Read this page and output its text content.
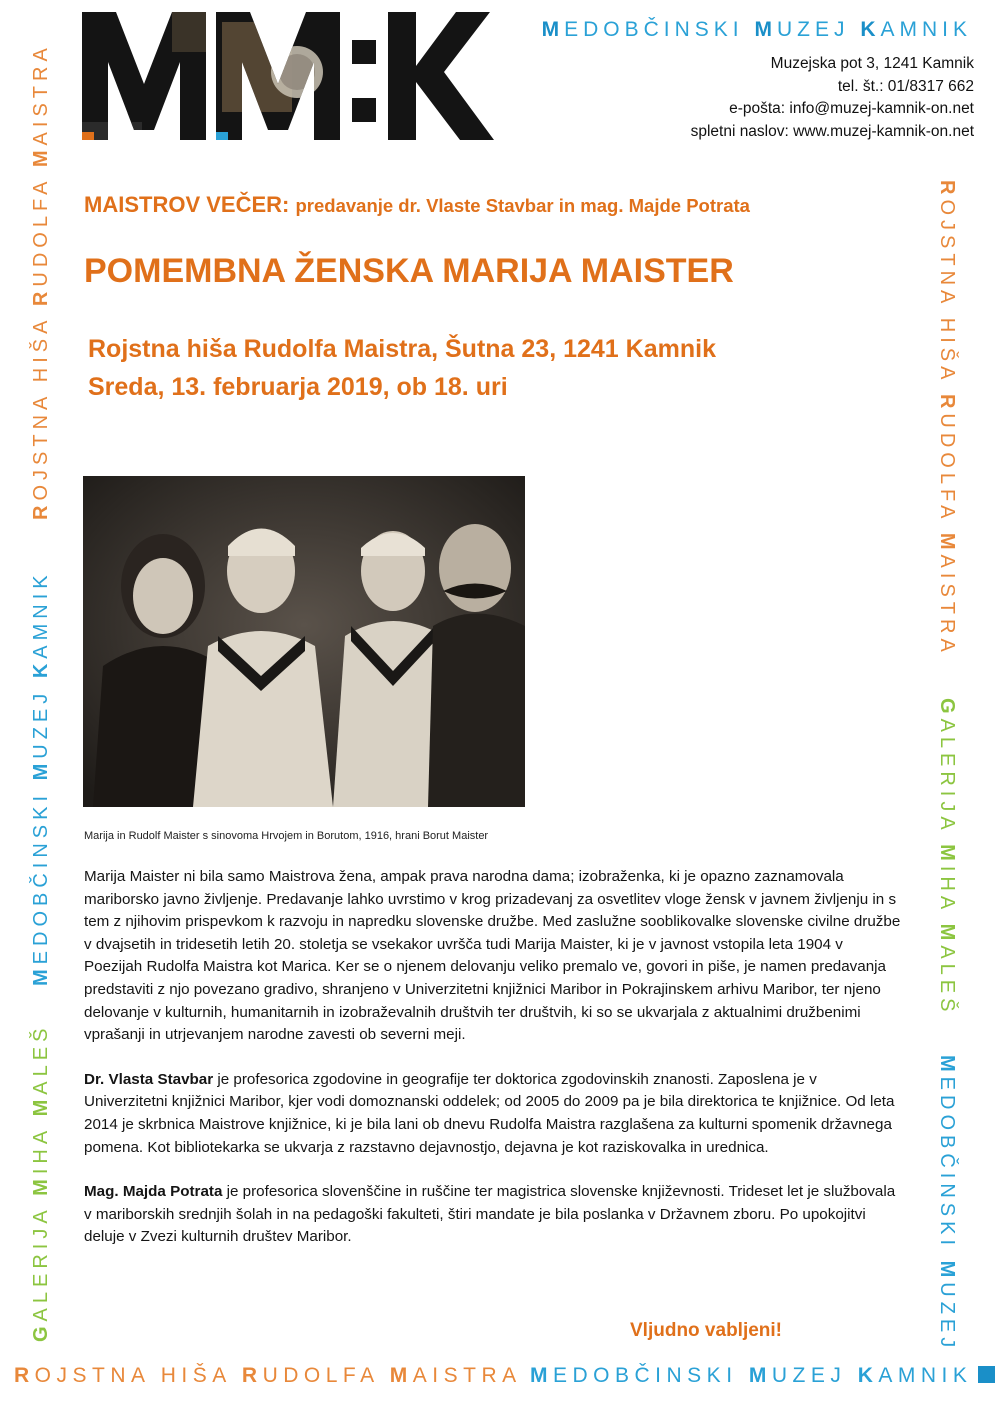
MEDOBČINSKI MUZEJ KAMNIK
Muzejska pot 3, 1241 Kamnik
tel. št.: 01/8317 662
e-pošta: info@muzej-kamnik-on.net
spletni naslov: www.muzej-kamnik-on.net
MAISTROV VEČER: predavanje dr. Vlaste Stavbar in mag. Majde Potrata
POMEMBNA ŽENSKA MARIJA MAISTER
Rojstna hiša Rudolfa Maistra, Šutna 23, 1241 Kamnik
Sreda, 13. februarja 2019, ob 18. uri
Marija in Rudolf Maister s sinovoma Hrvojem in Borutom, 1916, hrani Borut Maister

Marija Maister ni bila samo Maistrova žena, ampak prava narodna dama; izobraženka, ki je opazno zaznamovala mariborsko javno življenje. Predavanje lahko uvrstimo v krog prizadevanj za osvetlitev vloge žensk v javnem življenju in s tem z njihovim prispevkom k razvoju in napredku slovenske družbe. Med zaslužne sooblikovalke slovenske civilne družbe v dvajsetih in tridesetih letih 20. stoletja se vsekakor uvršča tudi Marija Maister, ki je v javnost vstopila leta 1904 v Poezijah Rudolfa Maistra kot Marica. Ker se o njenem delovanju veliko premalo ve, govori in piše, je namen predavanja predstaviti z njo povezano gradivo, shranjeno v Univerzitetni knjižnici Maribor in Pokrajinskem arhivu Maribor, ter njeno delovanje v kulturnih, humanitarnih in izobraževalnih društvih ter društvih, ki so se ukvarjala z aktualnimi družbenimi vprašanji in utrjevanjem narodne zavesti ob severni meji.

Dr. Vlasta Stavbar je profesorica zgodovine in geografije ter doktorica zgodovinskih znanosti. Zaposlena je v Univerzitetni knjižnici Maribor, kjer vodi domoznanski oddelek; od 2005 do 2009 pa je bila direktorica te knjižnice. Od leta 2014 je skrbnica Maistrove knjižnice, ki je bila lani ob dnevu Rudolfa Maistra razglašena za kulturni spomenik državnega pomena. Kot bibliotekarka se ukvarja z razstavno dejavnostjo, dejavna je kot raziskovalka in urednica.

Mag. Majda Potrata je profesorica slovenščine in ruščine ter magistrica slovenske književnosti. Trideset let je službovala v mariborskih srednjih šolah in na pedagoški fakulteti, štiri mandate je bila poslanka v Državnem zboru. Po upokojitvi deluje v Zvezi kulturnih društev Maribor.

Vljudno vabljeni!
ROJSTNA HIŠA RUDOLFA MAISTRA MEDOBČINSKI MUZEJ KAMNIK
GALERIJA MIHA MALEŠ
MEDOBČINSKI MUZEJ KAMNIK
ROJSTNA HIŠA RUDOLFA MAISTRA
ROJSTNA HIŠA RUDOLFA MAISTRA
GALERIJA MIHA MALEŠ
MEDOBČINSKI MUZEJ
